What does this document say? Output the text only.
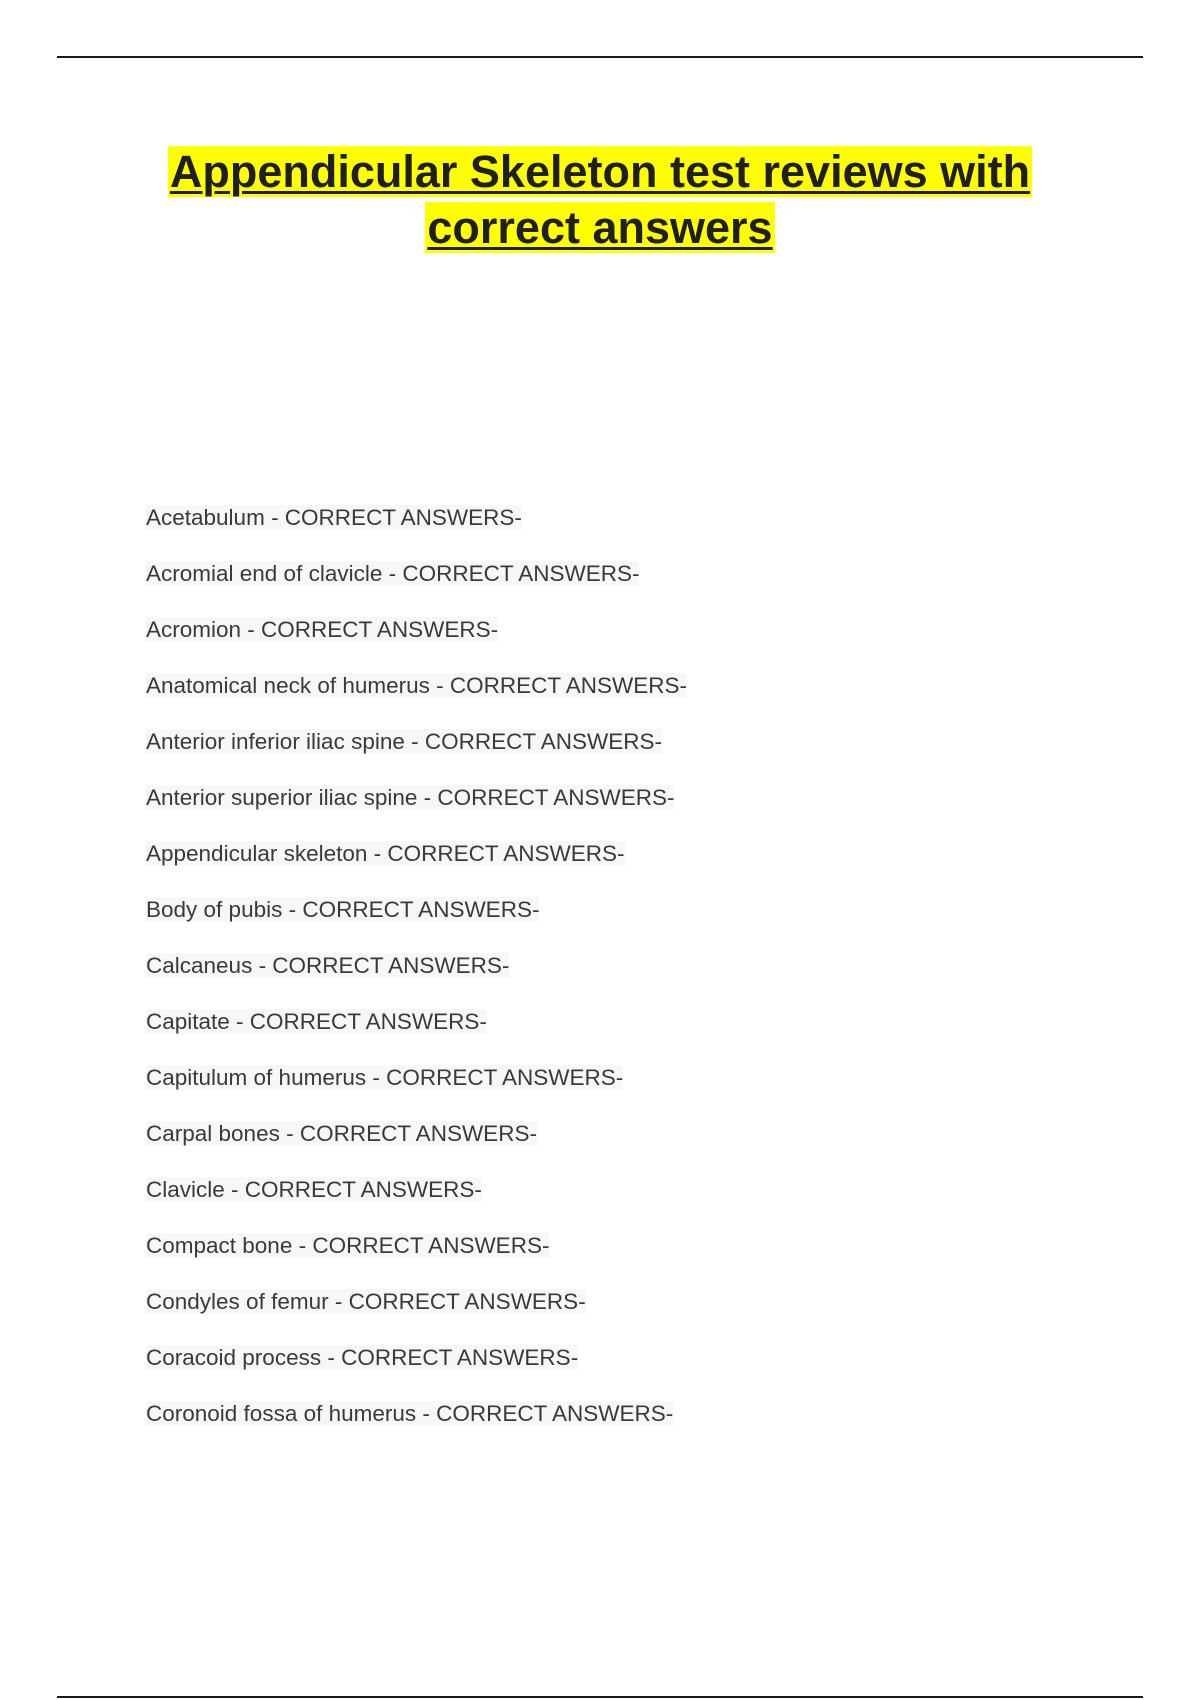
Appendicular Skeleton test reviews with
correct answers
Acetabulum - CORRECT ANSWERS-
Acromial end of clavicle - CORRECT ANSWERS-
Acromion - CORRECT ANSWERS-
Anatomical neck of humerus - CORRECT ANSWERS-
Anterior inferior iliac spine - CORRECT ANSWERS-
Anterior superior iliac spine - CORRECT ANSWERS-
Appendicular skeleton - CORRECT ANSWERS-
Body of pubis - CORRECT ANSWERS-
Calcaneus - CORRECT ANSWERS-
Capitate - CORRECT ANSWERS-
Capitulum of humerus - CORRECT ANSWERS-
Carpal bones - CORRECT ANSWERS-
Clavicle - CORRECT ANSWERS-
Compact bone - CORRECT ANSWERS-
Condyles of femur - CORRECT ANSWERS-
Coracoid process - CORRECT ANSWERS-
Coronoid fossa of humerus - CORRECT ANSWERS-
